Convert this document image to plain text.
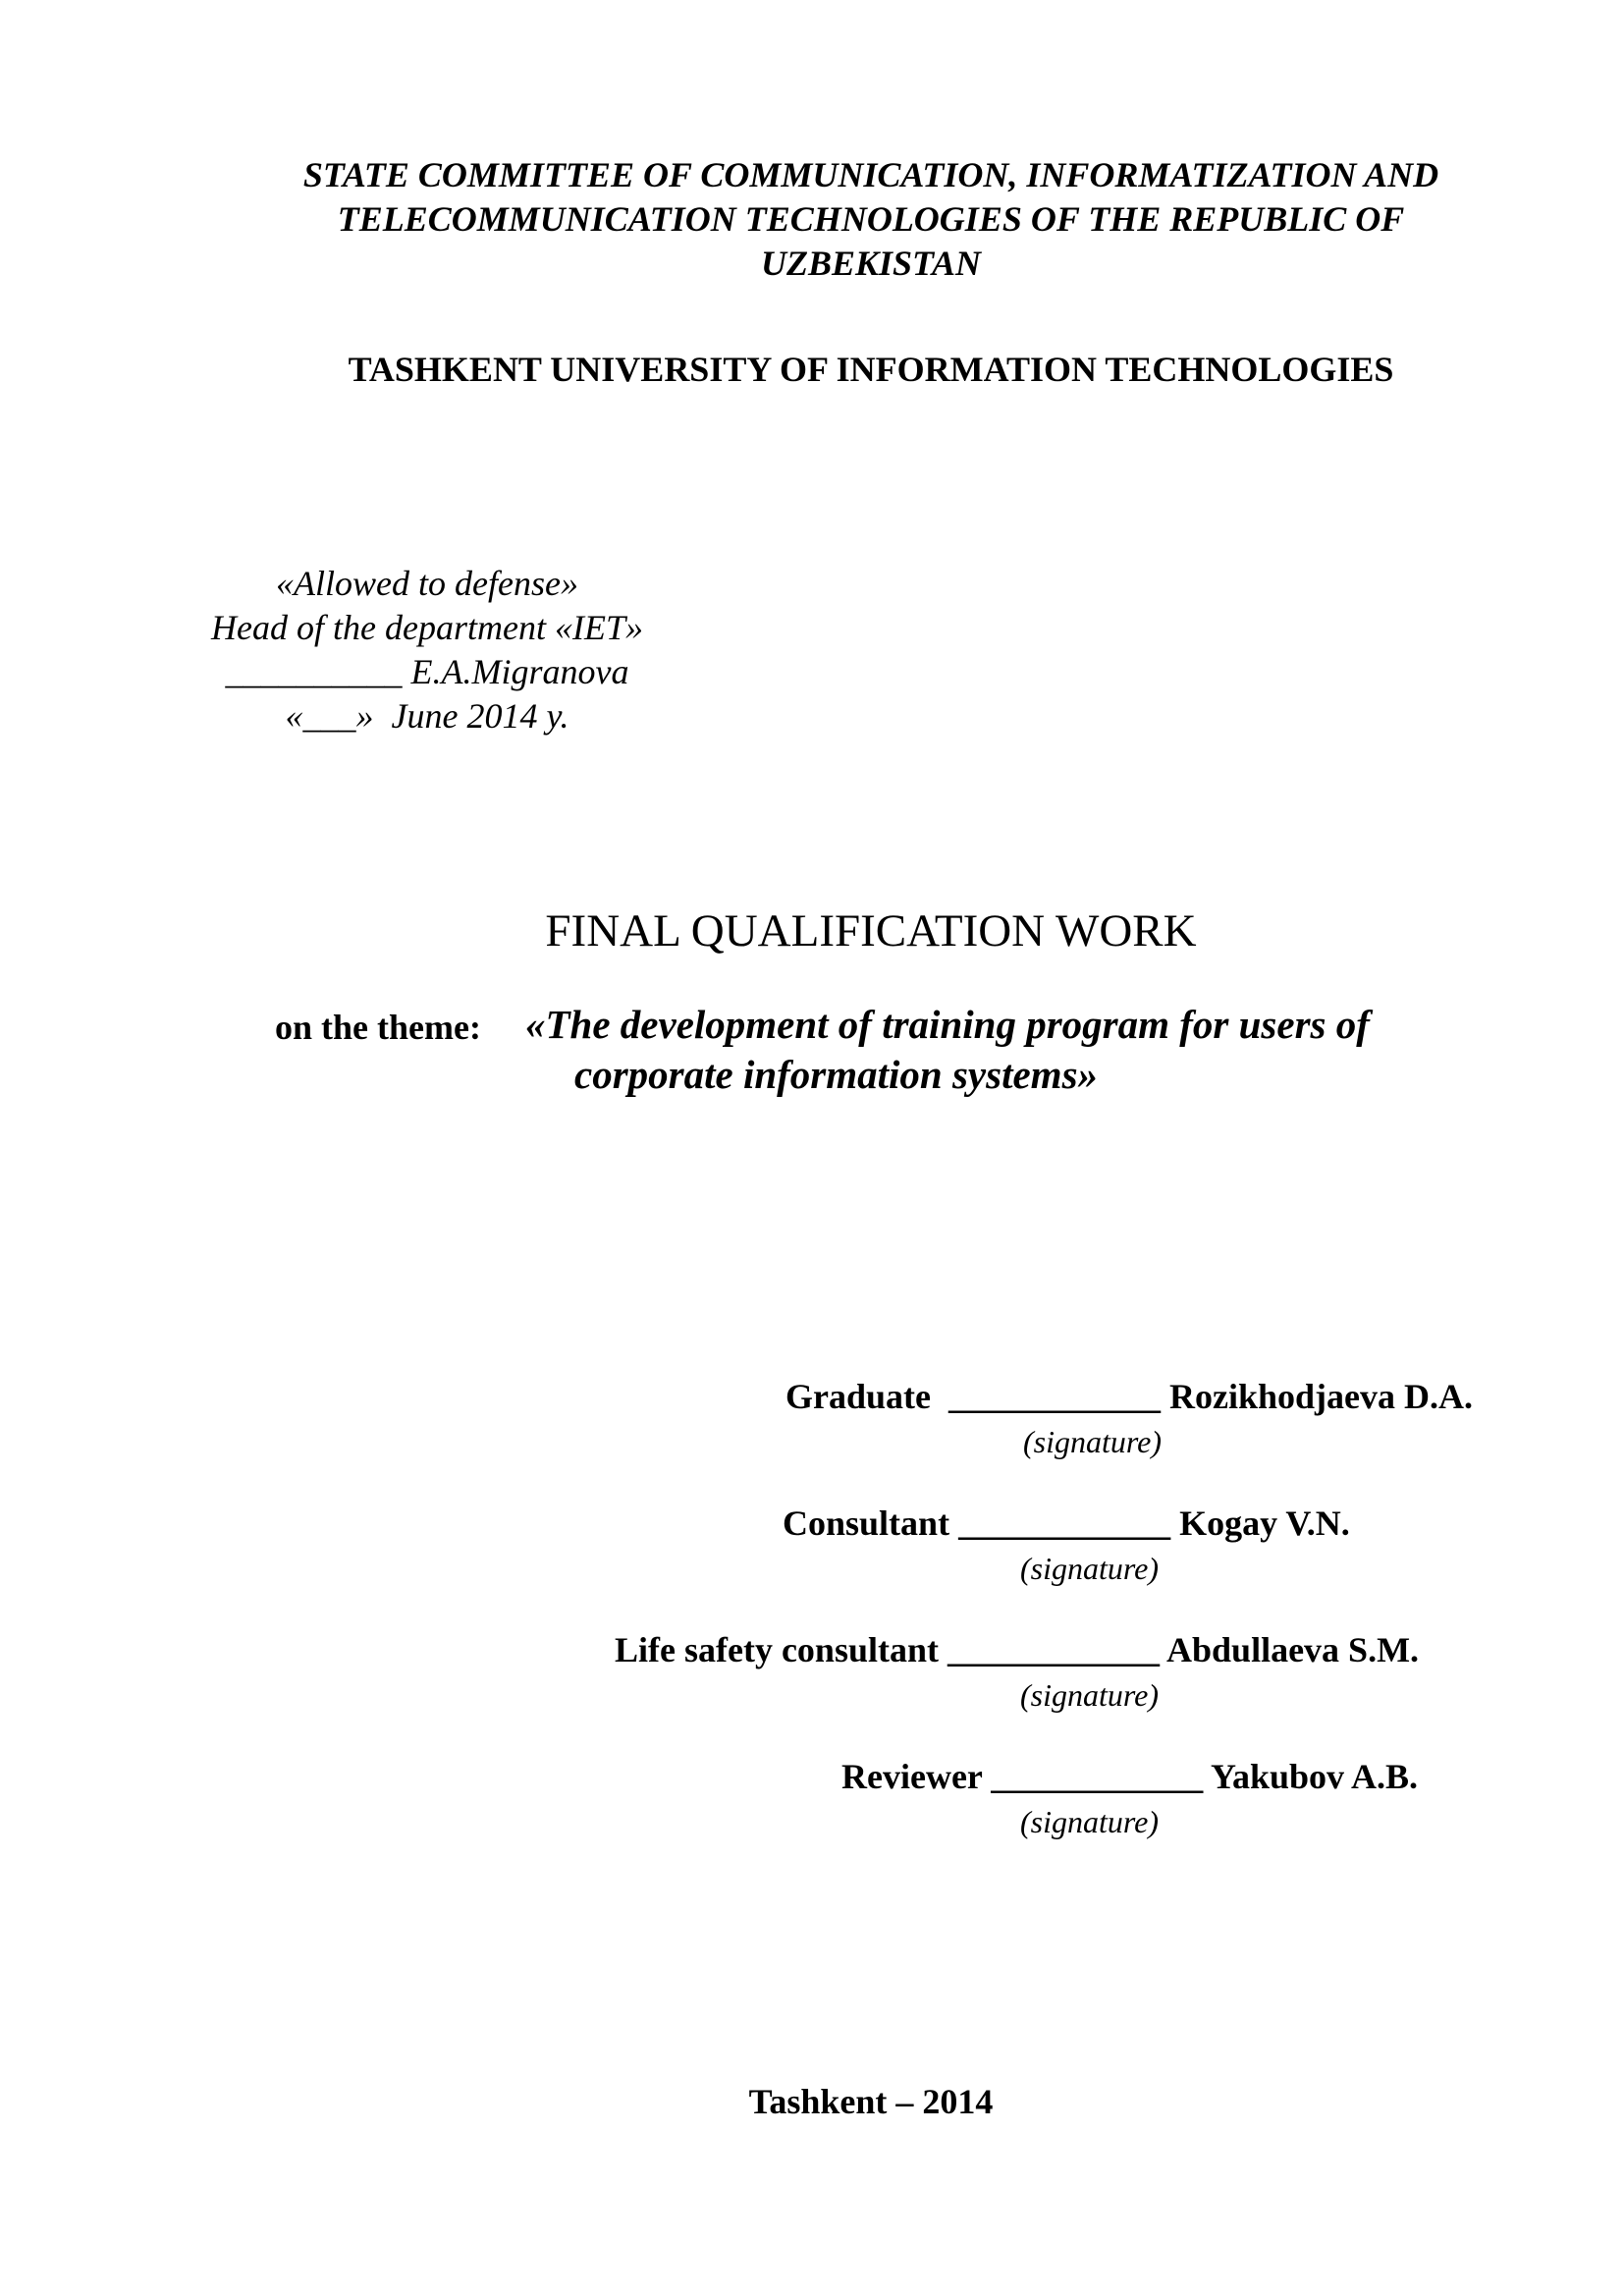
STATE COMMITTEE OF COMMUNICATION, INFORMATIZATION AND
TELECOMMUNICATION TECHNOLOGIES OF THE REPUBLIC OF
UZBEKISTAN
TASHKENT UNIVERSITY OF INFORMATION TECHNOLOGIES
«Allowed to defense»
Head of the department «IET»
__________ E.A.Migranova
«___»  June 2014 y.
FINAL QUALIFICATION WORK
on the theme: «The development of training program for users of
corporate information systems»
Graduate ____________ Rozikhodjaeva D.A.
(signature)
Consultant ____________ Kogay V.N.
(signature)
Life safety consultant ____________ Abdullaeva S.M.
(signature)
Reviewer ____________ Yakubov A.B.
(signature)
Tashkent – 2014
